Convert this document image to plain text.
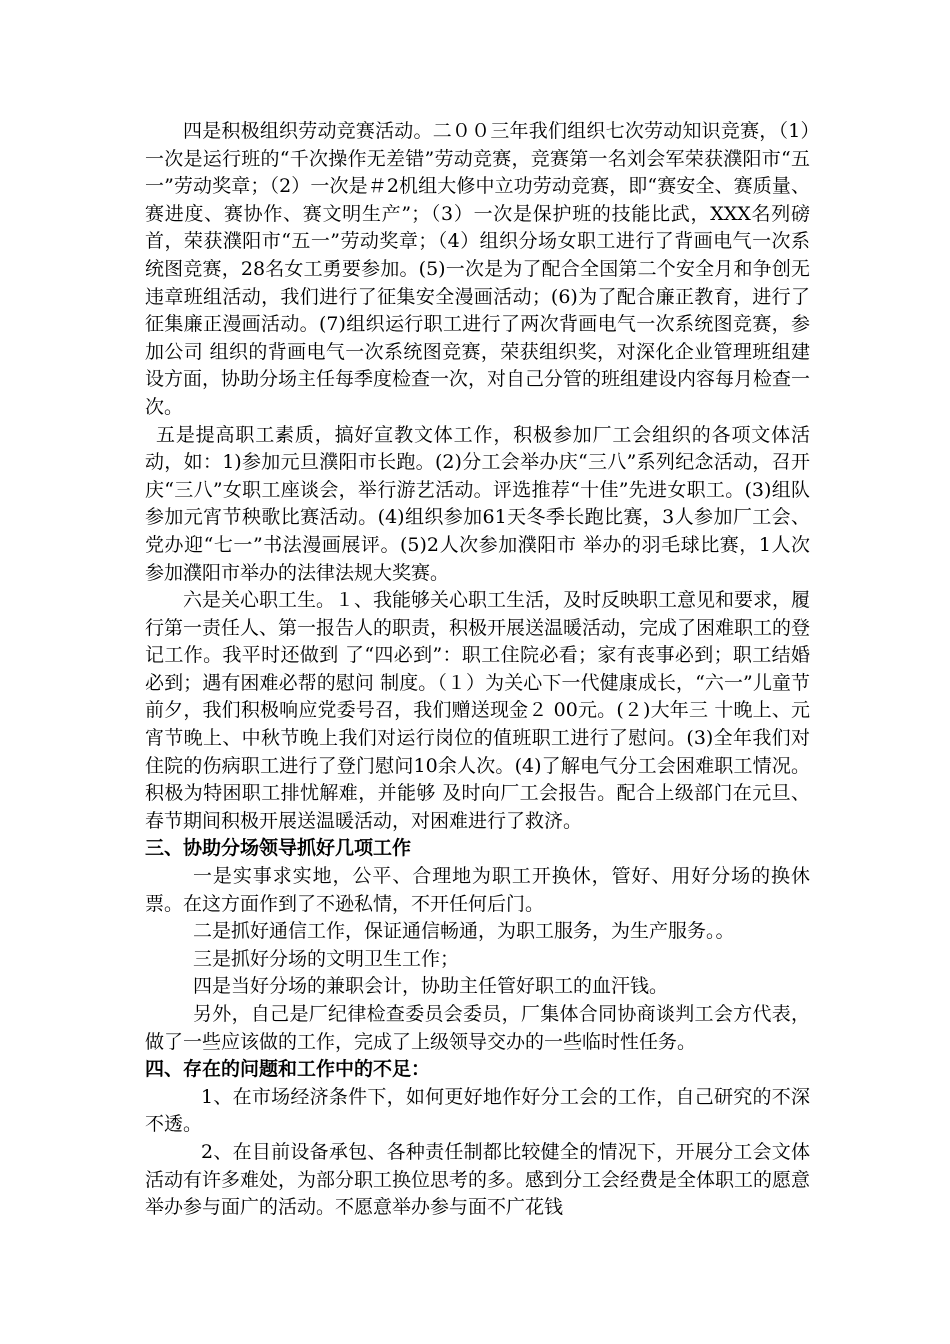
四是积极组织劳动竞赛活动。二００三年我们组织七次劳动知识竞赛，（1）一次是运行班的“千次操作无差错”劳动竞赛，竞赛第一名刘会军荣获濮阳市“五一”劳动奖章；（2）一次是＃2机组大修中立功劳动竞赛，即“赛安全、赛质量、赛进度、赛协作、赛文明生产”；（3）一次是保护班的技能比武，XXX名列磅首，荣获濮阳市“五一”劳动奖章；（4）组织分场女职工进行了背画电气一次系统图竞赛，28名女工勇要参加。(5)一次是为了配合全国第二个安全月和争创无违章班组活动，我们进行了征集安全漫画活动；(6)为了配合廉正教育，进行了征集廉正漫画活动。(7)组织运行职工进行了两次背画电气一次系统图竞赛，参加公司 组织的背画电气一次系统图竞赛，荣获组织奖，对深化企业管理班组建设方面，协助分场主任每季度检查一次，对自己分管的班组建设内容每月检查一次。

五是提高职工素质，搞好宣教文体工作，积极参加厂工会组织的各项文体活动，如：1)参加元旦濮阳市长跑。(2)分工会举办庆“三八”系列纪念活动，召开庆“三八”女职工座谈会，举行游艺活动。评选推荐“十佳”先进女职工。(3)组队参加元宵节秧歌比赛活动。(4)组织参加61天冬季长跑比赛，3人参加厂工会、党办迎“七一”书法漫画展评。(5)2人次参加濮阳市 举办的羽毛球比赛，1人次参加濮阳市举办的法律法规大奖赛。

六是关心职工生。１、我能够关心职工生活，及时反映职工意见和要求，履行第一责任人、第一报告人的职责，积极开展送温暖活动，完成了困难职工的登记工作。我平时还做到 了“四必到”：职工住院必看；家有丧事必到；职工结婚必到；遇有困难必帮的慰问 制度。（１）为关心下一代健康成长，“六一”儿童节前夕，我们积极响应党委号召，我们赠送现金２ 00元。(２)大年三 十晚上、元宵节晚上、中秋节晚上我们对运行岗位的值班职工进行了慰问。(3)全年我们对住院的伤病职工进行了登门慰问10余人次。(4)了解电气分工会困难职工情况。积极为特困职工排忧解难，并能够 及时向厂工会报告。配合上级部门在元旦、春节期间积极开展送温暖活动，对困难进行了救济。

三、协助分场领导抓好几项工作

一是实事求实地，公平、合理地为职工开换休，管好、用好分场的换休票。在这方面作到了不逊私情，不开任何后门。

二是抓好通信工作，保证通信畅通，为职工服务，为生产服务。。

三是抓好分场的文明卫生工作；

四是当好分场的兼职会计，协助主任管好职工的血汗钱。

另外，自己是厂纪律检查委员会委员，厂集体合同协商谈判工会方代表，做了一些应该做的工作，完成了上级领导交办的一些临时性任务。

四、存在的问题和工作中的不足：

1、在市场经济条件下，如何更好地作好分工会的工作，自己研究的不深不透。

2、在目前设备承包、各种责任制都比较健全的情况下，开展分工会文体活动有许多难处，为部分职工换位思考的多。感到分工会经费是全体职工的愿意举办参与面广的活动。不愿意举办参与面不广花钱
